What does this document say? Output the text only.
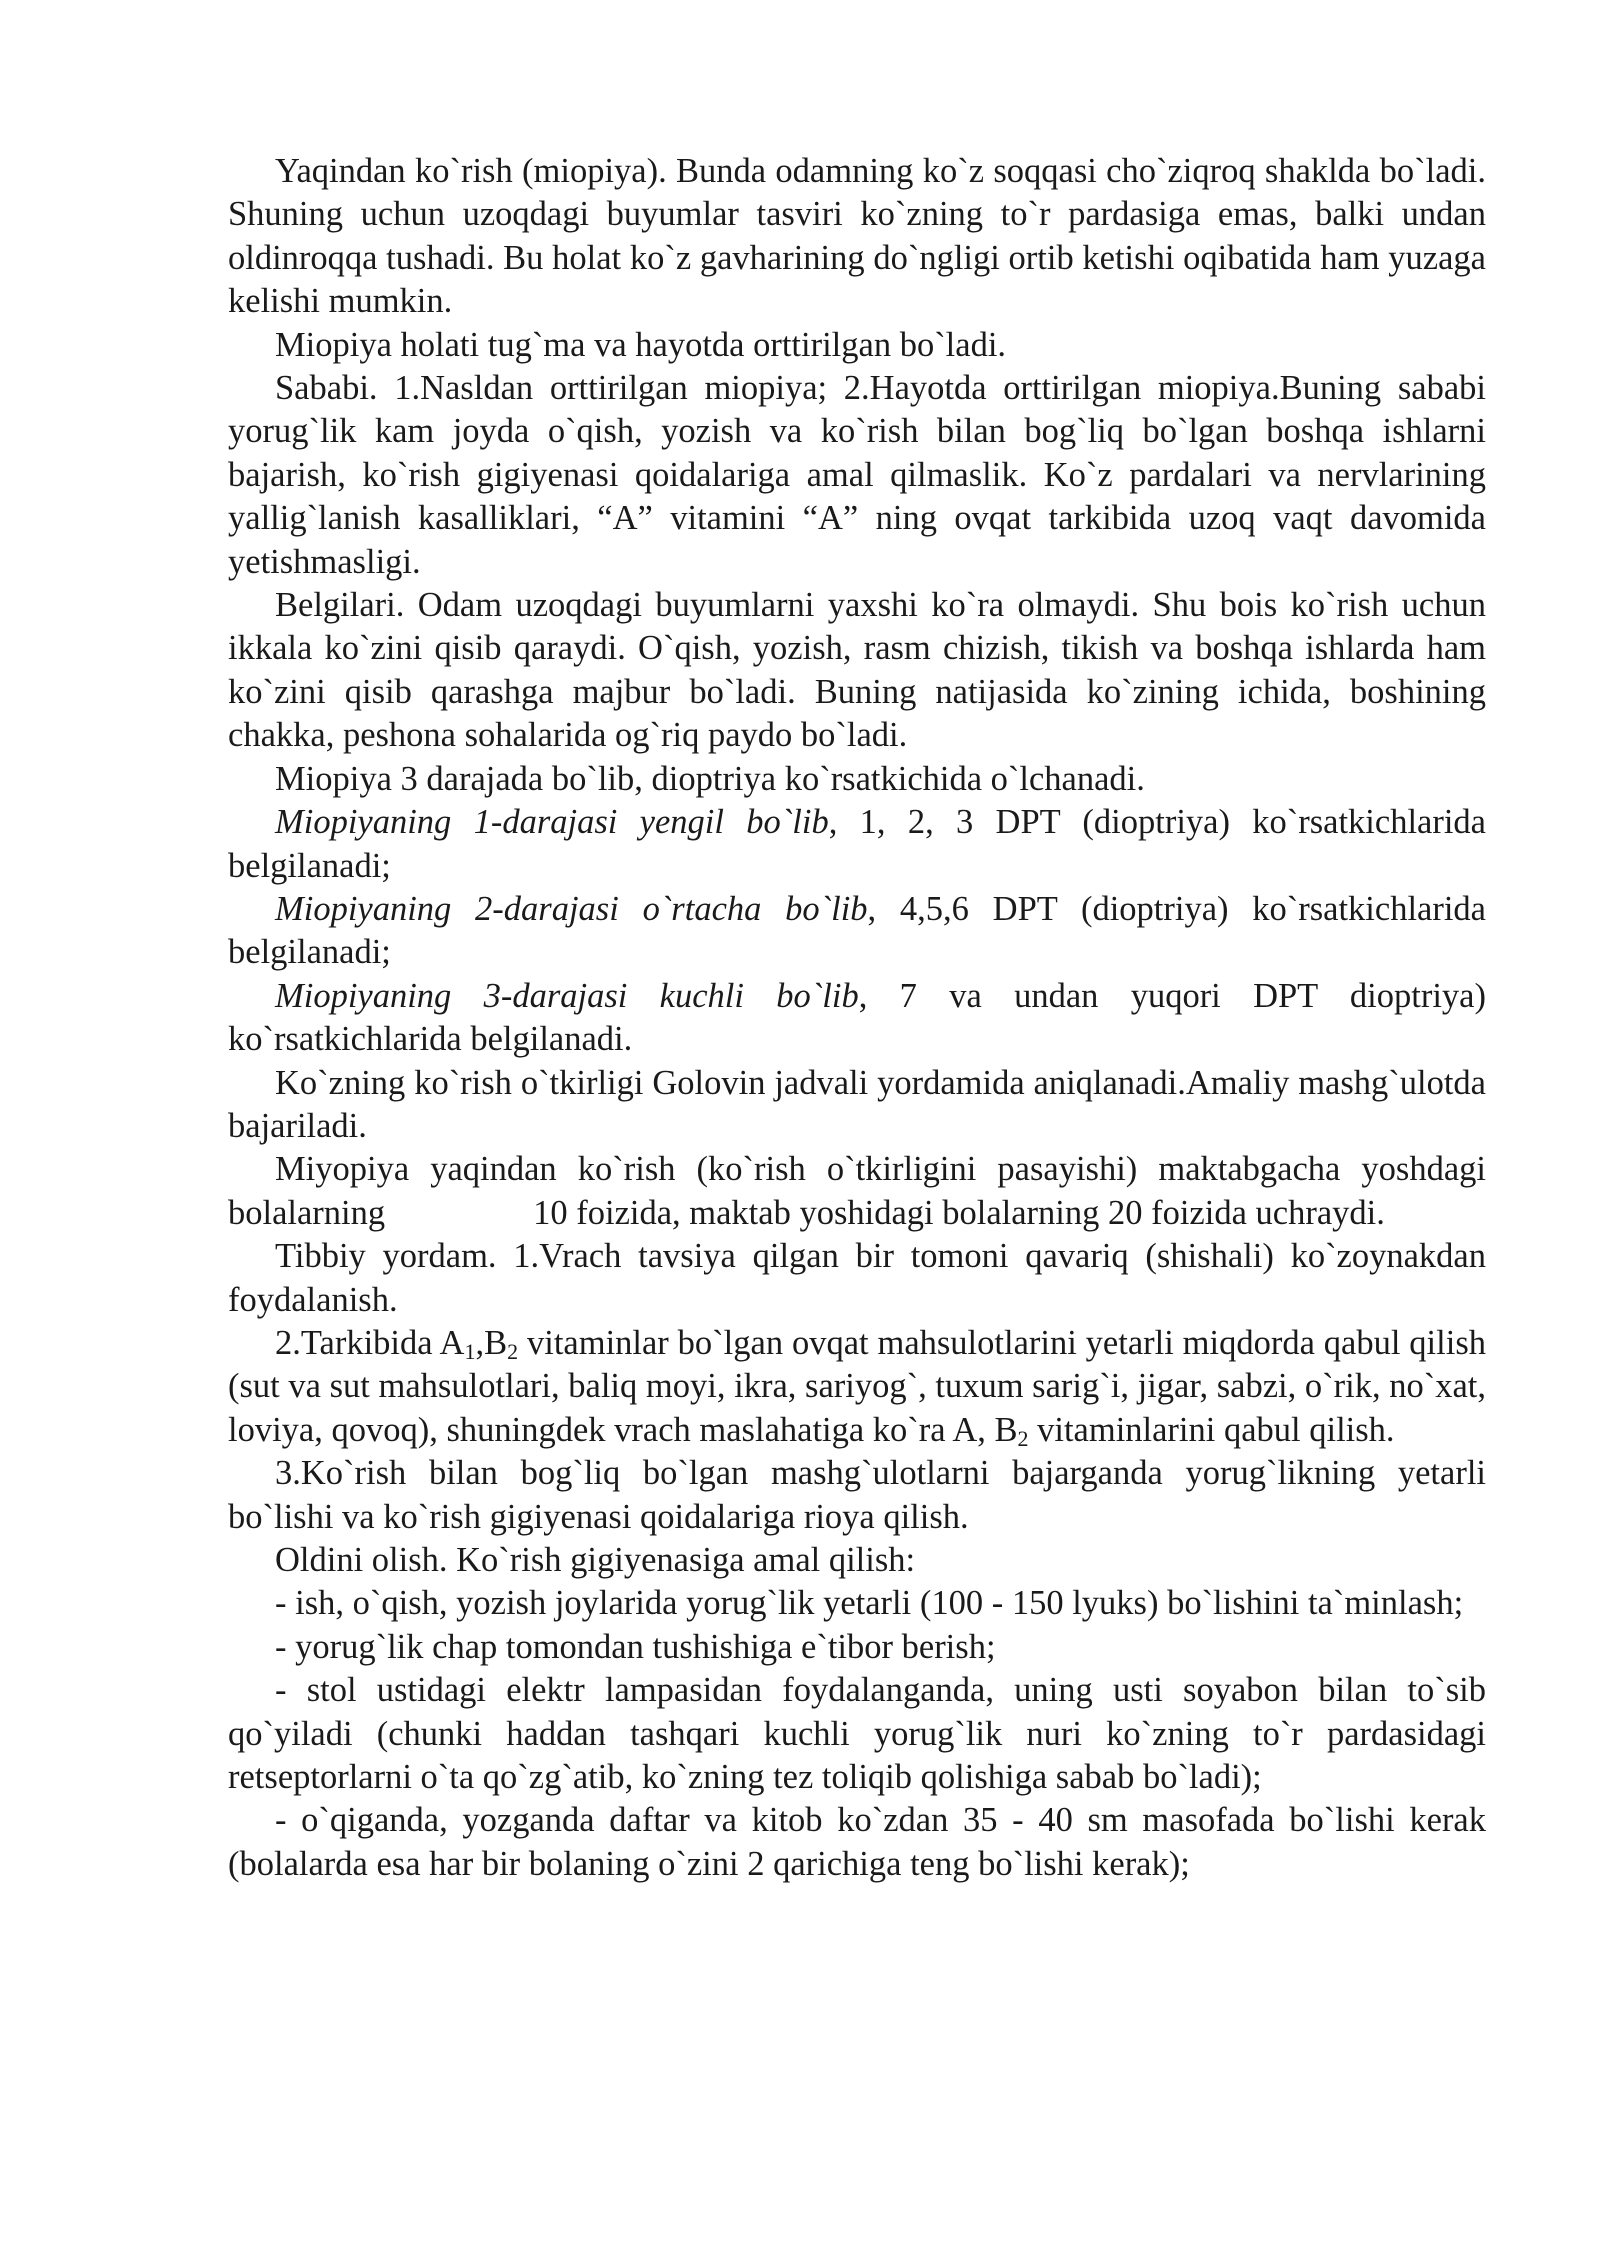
Yaqindan ko`rish (miopiya). Bunda odamning ko`z soqqasi cho`ziqroq shaklda bo`ladi. Shuning uchun uzoqdagi buyumlar tasviri ko`zning to`r pardasiga emas, balki undan oldinroqqa tushadi. Bu holat ko`z gavharining do`ngligi ortib ketishi oqibatida ham yuzaga kelishi mumkin.

Miopiya holati tug`ma va hayotda orttirilgan bo`ladi.

Sababi. 1.Nasldan orttirilgan miopiya; 2.Hayotda orttirilgan miopiya.Buning sababi yorug`lik kam joyda o`qish, yozish va ko`rish bilan bog`liq bo`lgan boshqa ishlarni bajarish, ko`rish gigiyenasi qoidalariga amal qilmaslik. Ko`z pardalari va nervlarining yallig`lanish kasalliklari, “A” vitamini “A” ning ovqat tarkibida uzoq vaqt davomida yetishmasligi.

Belgilari. Odam uzoqdagi buyumlarni yaxshi ko`ra olmaydi. Shu bois ko`rish uchun ikkala ko`zini qisib qaraydi. O`qish, yozish, rasm chizish, tikish va boshqa ishlarda ham ko`zini qisib qarashga majbur bo`ladi. Buning natijasida ko`zining ichida, boshining chakka, peshona sohalarida og`riq paydo bo`ladi.

Miopiya 3 darajada bo`lib, dioptriya ko`rsatkichida o`lchanadi.

Miopiyaning 1-darajasi yengil bo`lib, 1, 2, 3 DPT (dioptriya) ko`rsatkichlarida belgilanadi;

Miopiyaning 2-darajasi o`rtacha bo`lib, 4,5,6 DPT (dioptriya) ko`rsatkichlarida belgilanadi;

Miopiyaning 3-darajasi kuchli bo`lib, 7 va undan yuqori DPT dioptriya) ko`rsatkichlarida belgilanadi.

Ko`zning ko`rish o`tkirligi Golovin jadvali yordamida aniqlanadi.Amaliy mashg`ulotda bajariladi.

Miyopiya yaqindan ko`rish (ko`rish o`tkirligini pasayishi) maktabgacha yoshdagi bolalarning	10 foizida, maktab yoshidagi bolalarning 20 foizida uchraydi.

Tibbiy yordam. 1.Vrach tavsiya qilgan bir tomoni qavariq (shishali) ko`zoynakdan foydalanish.

2.Tarkibida $A_1,B_2$ vitaminlar bo`lgan ovqat mahsulotlarini yetarli miqdorda qabul qilish (sut va sut mahsulotlari, baliq moyi, ikra, sariyog`, tuxum sarig`i, jigar, sabzi, o`rik, no`xat, loviya, qovoq), shuningdek vrach maslahatiga ko`ra A, $B_2$ vitaminlarini qabul qilish.

3.Ko`rish bilan bog`liq bo`lgan mashg`ulotlarni bajarganda yorug`likning yetarli bo`lishi va ko`rish gigiyenasi qoidalariga rioya qilish.

Oldini olish. Ko`rish gigiyenasiga amal qilish:

- ish, o`qish, yozish joylarida yorug`lik yetarli (100 - 150 lyuks) bo`lishini ta`minlash;

- yorug`lik chap tomondan tushishiga e`tibor berish;

- stol ustidagi elektr lampasidan foydalanganda, uning usti soyabon bilan to`sib qo`yiladi (chunki haddan tashqari kuchli yorug`lik nuri ko`zning to`r pardasidagi retseptorlarni o`ta qo`zg`atib, ko`zning tez toliqib qolishiga sabab bo`ladi);

- o`qiganda, yozganda daftar va kitob ko`zdan 35 - 40 sm masofada bo`lishi kerak (bolalarda esa har bir bolaning o`zini 2 qarichiga teng bo`lishi kerak);
